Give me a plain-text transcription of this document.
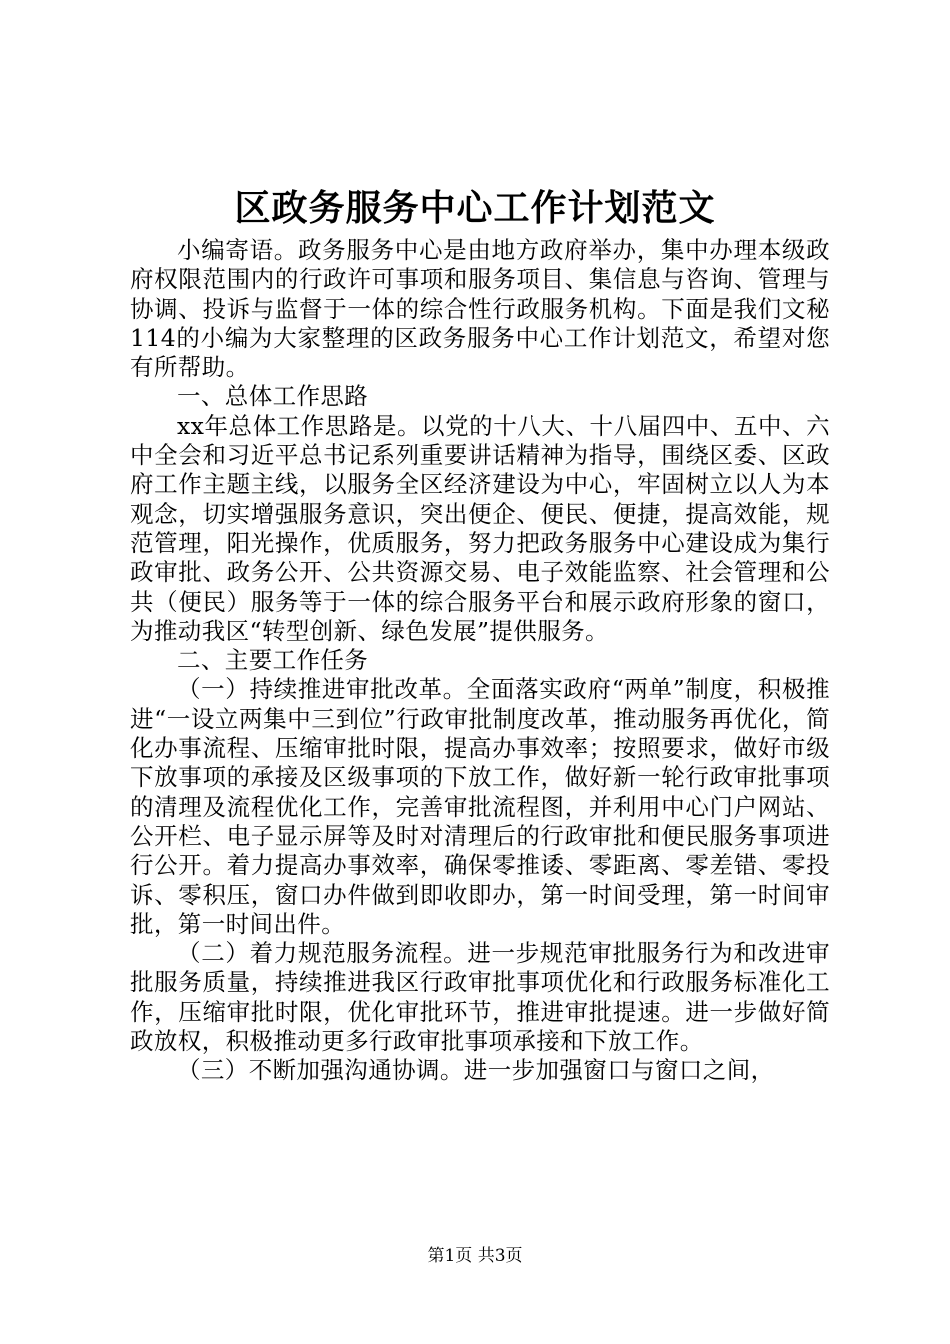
区政务服务中心工作计划范文

小编寄语。政务服务中心是由地方政府举办，集中办理本级政府权限范围内的行政许可事项和服务项目、集信息与咨询、管理与协调、投诉与监督于一体的综合性行政服务机构。下面是我们文秘114的小编为大家整理的区政务服务中心工作计划范文，希望对您有所帮助。

一、总体工作思路

xx年总体工作思路是。以党的十八大、十八届四中、五中、六中全会和习近平总书记系列重要讲话精神为指导，围绕区委、区政府工作主题主线，以服务全区经济建设为中心，牢固树立以人为本观念，切实增强服务意识，突出便企、便民、便捷，提高效能，规范管理，阳光操作，优质服务，努力把政务服务中心建设成为集行政审批、政务公开、公共资源交易、电子效能监察、社会管理和公共（便民）服务等于一体的综合服务平台和展示政府形象的窗口，为推动我区“转型创新、绿色发展”提供服务。

二、主要工作任务

（一）持续推进审批改革。全面落实政府“两单”制度，积极推进“一设立两集中三到位”行政审批制度改革，推动服务再优化，简化办事流程、压缩审批时限，提高办事效率；按照要求，做好市级下放事项的承接及区级事项的下放工作，做好新一轮行政审批事项的清理及流程优化工作，完善审批流程图，并利用中心门户网站、公开栏、电子显示屏等及时对清理后的行政审批和便民服务事项进行公开。着力提高办事效率，确保零推诿、零距离、零差错、零投诉、零积压，窗口办件做到即收即办，第一时间受理，第一时间审批，第一时间出件。

（二）着力规范服务流程。进一步规范审批服务行为和改进审批服务质量，持续推进我区行政审批事项优化和行政服务标准化工作，压缩审批时限，优化审批环节，推进审批提速。进一步做好简政放权，积极推动更多行政审批事项承接和下放工作。

（三）不断加强沟通协调。进一步加强窗口与窗口之间，

第1页 共3页
